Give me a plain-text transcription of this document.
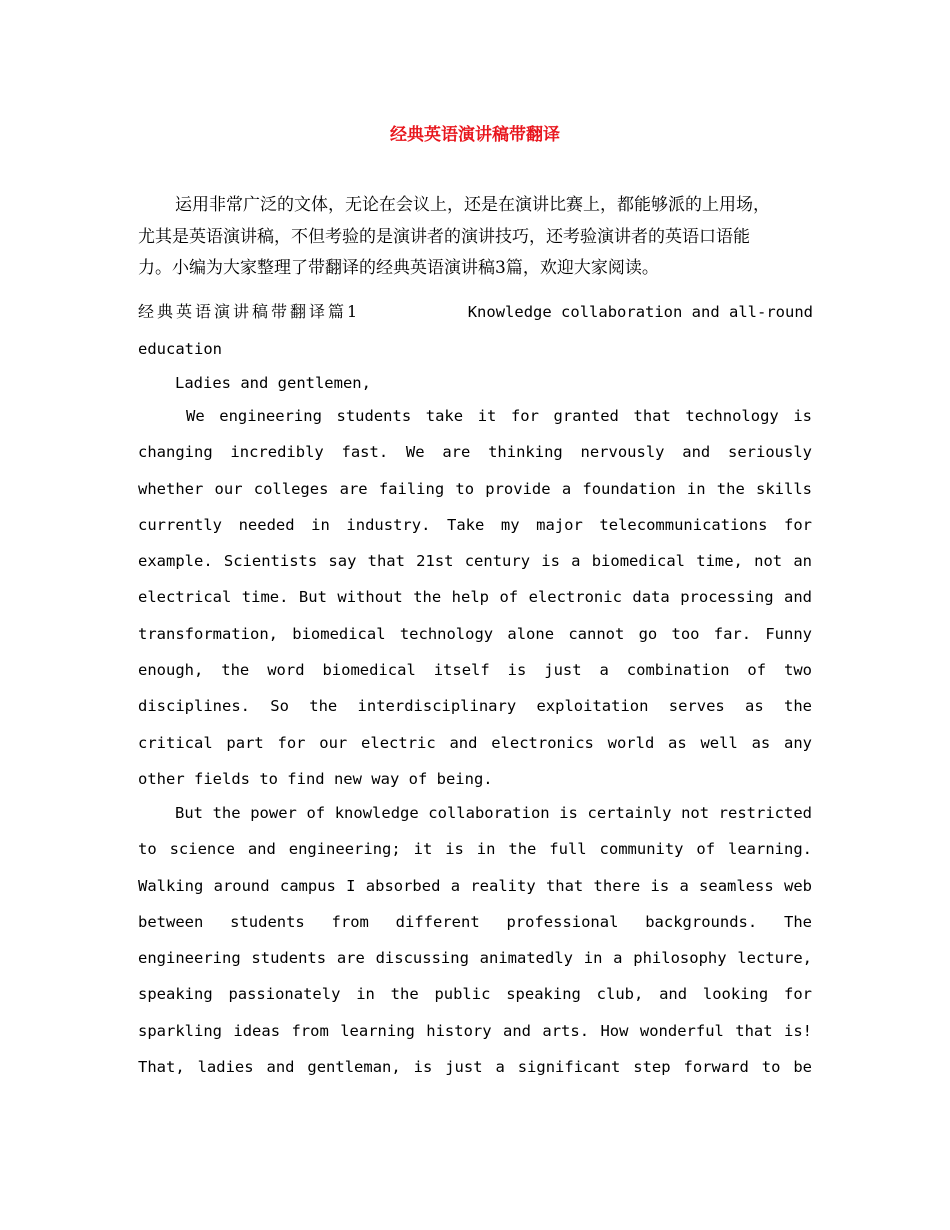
经典英语演讲稿带翻译
运用非常广泛的文体，无论在会议上，还是在演讲比赛上，都能够派的上用场，
尤其是英语演讲稿，不但考验的是演讲者的演讲技巧，还考验演讲者的英语口语能
力。小编为大家整理了带翻译的经典英语演讲稿3篇，欢迎大家阅读。
经典英语演讲稿带翻译篇1	Knowledge collaboration and all-round
education
Ladies and gentlemen,
We engineering students take it for granted that technology is
changing incredibly fast. We are thinking nervously and seriously
whether our colleges are failing to provide a foundation in the skills
currently needed in industry. Take my major telecommunications for
example. Scientists say that 21st century is a biomedical time, not an
electrical time. But without the help of electronic data processing and
transformation, biomedical technology alone cannot go too far. Funny
enough, the word biomedical itself is just a combination of two
disciplines. So the interdisciplinary exploitation serves as the
critical part for our electric and electronics world as well as any
other fields to find new way of being.
But the power of knowledge collaboration is certainly not restricted
to science and engineering; it is in the full community of learning.
Walking around campus I absorbed a reality that there is a seamless web
between students from different professional backgrounds. The
engineering students are discussing animatedly in a philosophy lecture,
speaking passionately in the public speaking club, and looking for
sparkling ideas from learning history and arts. How wonderful that is!
That, ladies and gentleman, is just a significant step forward to be
